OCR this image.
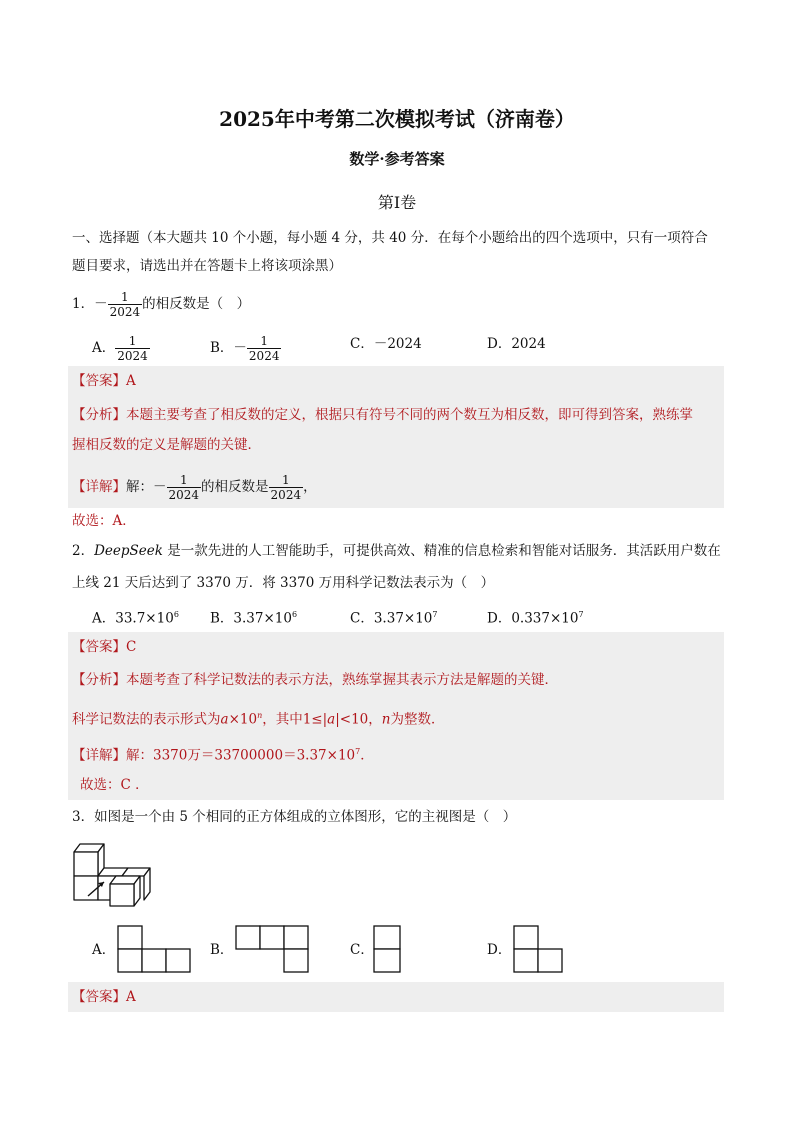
2025年中考第二次模拟考试（济南卷）
数学·参考答案
第Ⅰ卷
一、选择题（本大题共 10 个小题，每小题 4 分，共 40 分．在每个小题给出的四个选项中，只有一项符合
题目要求，请选出并在答题卡上将该项涂黑）
1．－ $\frac{1}{2024}$ 的相反数是（　）
A． $\frac{1}{2024}$	B．－ $\frac{1}{2024}$	C．－2024	D．2024
【答案】A
【分析】本题主要考查了相反数的定义，根据只有符号不同的两个数互为相反数，即可得到答案，熟练掌
握相反数的定义是解题的关键．
【详解】解：－ $\frac{1}{2024}$ 的相反数是 $\frac{1}{2024}$ ，
故选：A．
2．DeepSeek 是一款先进的人工智能助手，可提供高效、精准的信息检索和智能对话服务．其活跃用户数在
上线 21 天后达到了 3370 万．将 3370 万用科学记数法表示为（　）
A．$33.7\times 10^6$ B．$3.37\times 10^6$	C．$3.37\times 10^7$	D．$0.337\times 10^7$
【答案】C
【分析】本题考查了科学记数法的表示方法，熟练掌握其表示方法是解题的关键．
科学记数法的表示形式为$a\times 10^n$，其中1≤|a|<10，n为整数．
【详解】解：3370万$=33700000=3.37\times 10^7$．
故选：C ．
3．如图是一个由 5 个相同的正方体组成的立体图形，它的主视图是（　）
A．	B．	C．	D．
【答案】A
